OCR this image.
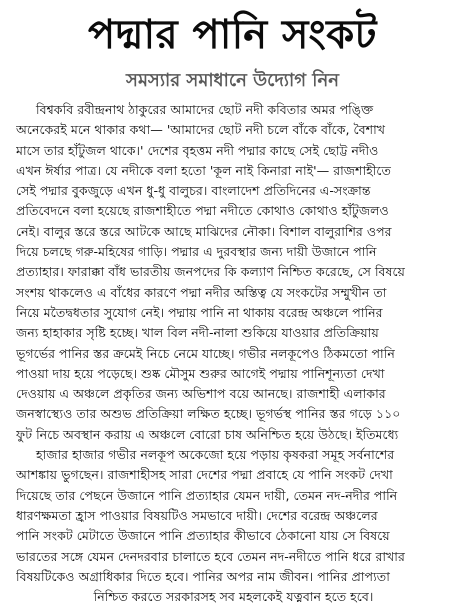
পদ্মার পানি সংকট
সমস্যার সমাধানে উদ্যোগ নিন
বিশ্বকবি রবীন্দ্রনাথ ঠাকুরের আমাদের ছোট নদী কবিতার অমর পঙ্ক্তি
অনেকেরই মনে থাকার কথা— 'আমাদের ছোট নদী চলে বাঁকে বাঁকে, বৈশাখ
মাসে তার হাঁটুজল থাকে।' দেশের বৃহত্তম নদী পদ্মার কাছে সেই ছোট্ট নদীও
এখন ঈর্ষার পাত্র। যে নদীকে বলা হতো 'কূল নাই কিনারা নাই'— রাজশাহীতে
সেই পদ্মার বুকজুড়ে এখন ধু-ধু বালুচর। বাংলাদেশ প্রতিদিনের এ-সংক্রান্ত
প্রতিবেদনে বলা হয়েছে রাজশাহীতে পদ্মা নদীতে কোথাও কোথাও হাঁটুজলও
নেই। বালুর স্তরে স্তরে আটকে আছে মাঝিদের নৌকা। বিশাল বালুরাশির ওপর
দিয়ে চলছে গরু-মহিষের গাড়ি। পদ্মার এ দুরবস্থার জন্য দায়ী উজানে পানি
প্রত্যাহার। ফারাক্কা বাঁধ ভারতীয় জনপদের কি কল্যাণ নিশ্চিত করেছে, সে বিষয়ে
সংশয় থাকলেও এ বাঁধের কারণে পদ্মা নদীর অস্তিত্ব যে সংকটের সম্মুখীন তা
নিয়ে মতৈদ্বধতার সুযোগ নেই। পদ্মায় পানি না থাকায় বরেন্দ্র অঞ্চলে পানির
জন্য হাহাকার সৃষ্টি হচ্ছে। খাল বিল নদী-নালা শুকিয়ে যাওয়ার প্রতিক্রিয়ায়
ভূগর্ভের পানির স্তর ক্রমেই নিচে নেমে যাচ্ছে। গভীর নলকূপেও ঠিকমতো পানি
পাওয়া দায় হয়ে পড়েছে। শুষ্ক মৌসুম শুরুর আগেই পদ্মায় পানিশূন্যতা দেখা
দেওয়ায় এ অঞ্চলে প্রকৃতির জন্য অভিশাপ বয়ে আনছে। রাজশাহী এলাকার
জনস্বাস্থ্যেও তার অশুভ প্রতিক্রিয়া লক্ষিত হচ্ছে। ভূগর্ভস্থ পানির স্তর গড়ে ১১০
ফুট নিচে অবস্থান করায় এ অঞ্চলে বোরো চাষ অনিশ্চিত হয়ে উঠছে। ইতিমধ্যে
হাজার হাজার গভীর নলকূপ অকেজো হয়ে পড়ায় কৃষকরা সমূহ সর্বনাশের
আশঙ্কায় ভুগছেন। রাজশাহীসহ সারা দেশের পদ্মা প্রবাহে যে পানি সংকট দেখা
দিয়েছে তার পেছনে উজানে পানি প্রত্যাহার যেমন দায়ী, তেমন নদ-নদীর পানি
ধারণক্ষমতা হ্রাস পাওয়ার বিষয়টিও সমভাবে দায়ী। দেশের বরেন্দ্র অঞ্চলের
পানি সংকট মেটাতে উজানে পানি প্রত্যাহার কীভাবে ঠেকানো যায় সে বিষয়ে
ভারতের সঙ্গে যেমন দেনদরবার চালাতে হবে তেমন নদ-নদীতে পানি ধরে রাখার
বিষয়টিকেও অগ্রাধিকার দিতে হবে। পানির অপর নাম জীবন। পানির প্রাপ্যতা
নিশ্চিত করতে সরকারসহ সব মহলকেই যত্নবান হতে হবে।
